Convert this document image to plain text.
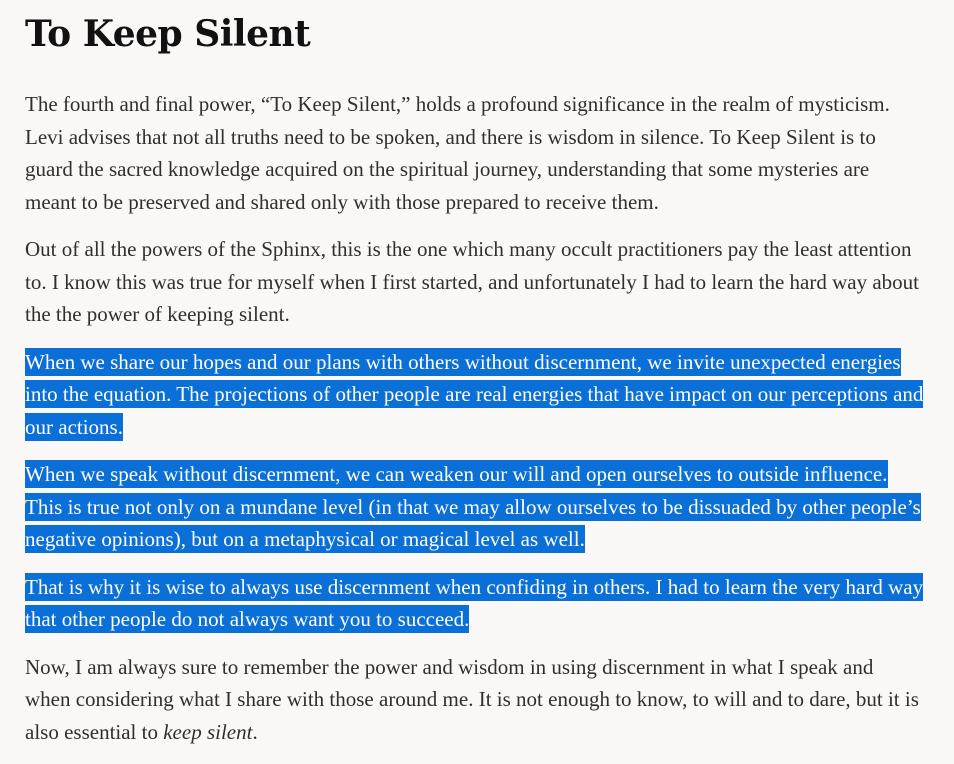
To Keep Silent

The fourth and final power, “To Keep Silent,” holds a profound significance in the realm of mysticism. Levi advises that not all truths need to be spoken, and there is wisdom in silence. To Keep Silent is to guard the sacred knowledge acquired on the spiritual journey, understanding that some mysteries are meant to be preserved and shared only with those prepared to receive them.

Out of all the powers of the Sphinx, this is the one which many occult practitioners pay the least attention to. I know this was true for myself when I first started, and unfortunately I had to learn the hard way about the the power of keeping silent.

When we share our hopes and our plans with others without discernment, we invite unexpected energies into the equation. The projections of other people are real energies that have impact on our perceptions and our actions.

When we speak without discernment, we can weaken our will and open ourselves to outside influence. This is true not only on a mundane level (in that we may allow ourselves to be dissuaded by other people’s negative opinions), but on a metaphysical or magical level as well.

That is why it is wise to always use discernment when confiding in others. I had to learn the very hard way that other people do not always want you to succeed.

Now, I am always sure to remember the power and wisdom in using discernment in what I speak and when considering what I share with those around me. It is not enough to know, to will and to dare, but it is also essential to keep silent.
